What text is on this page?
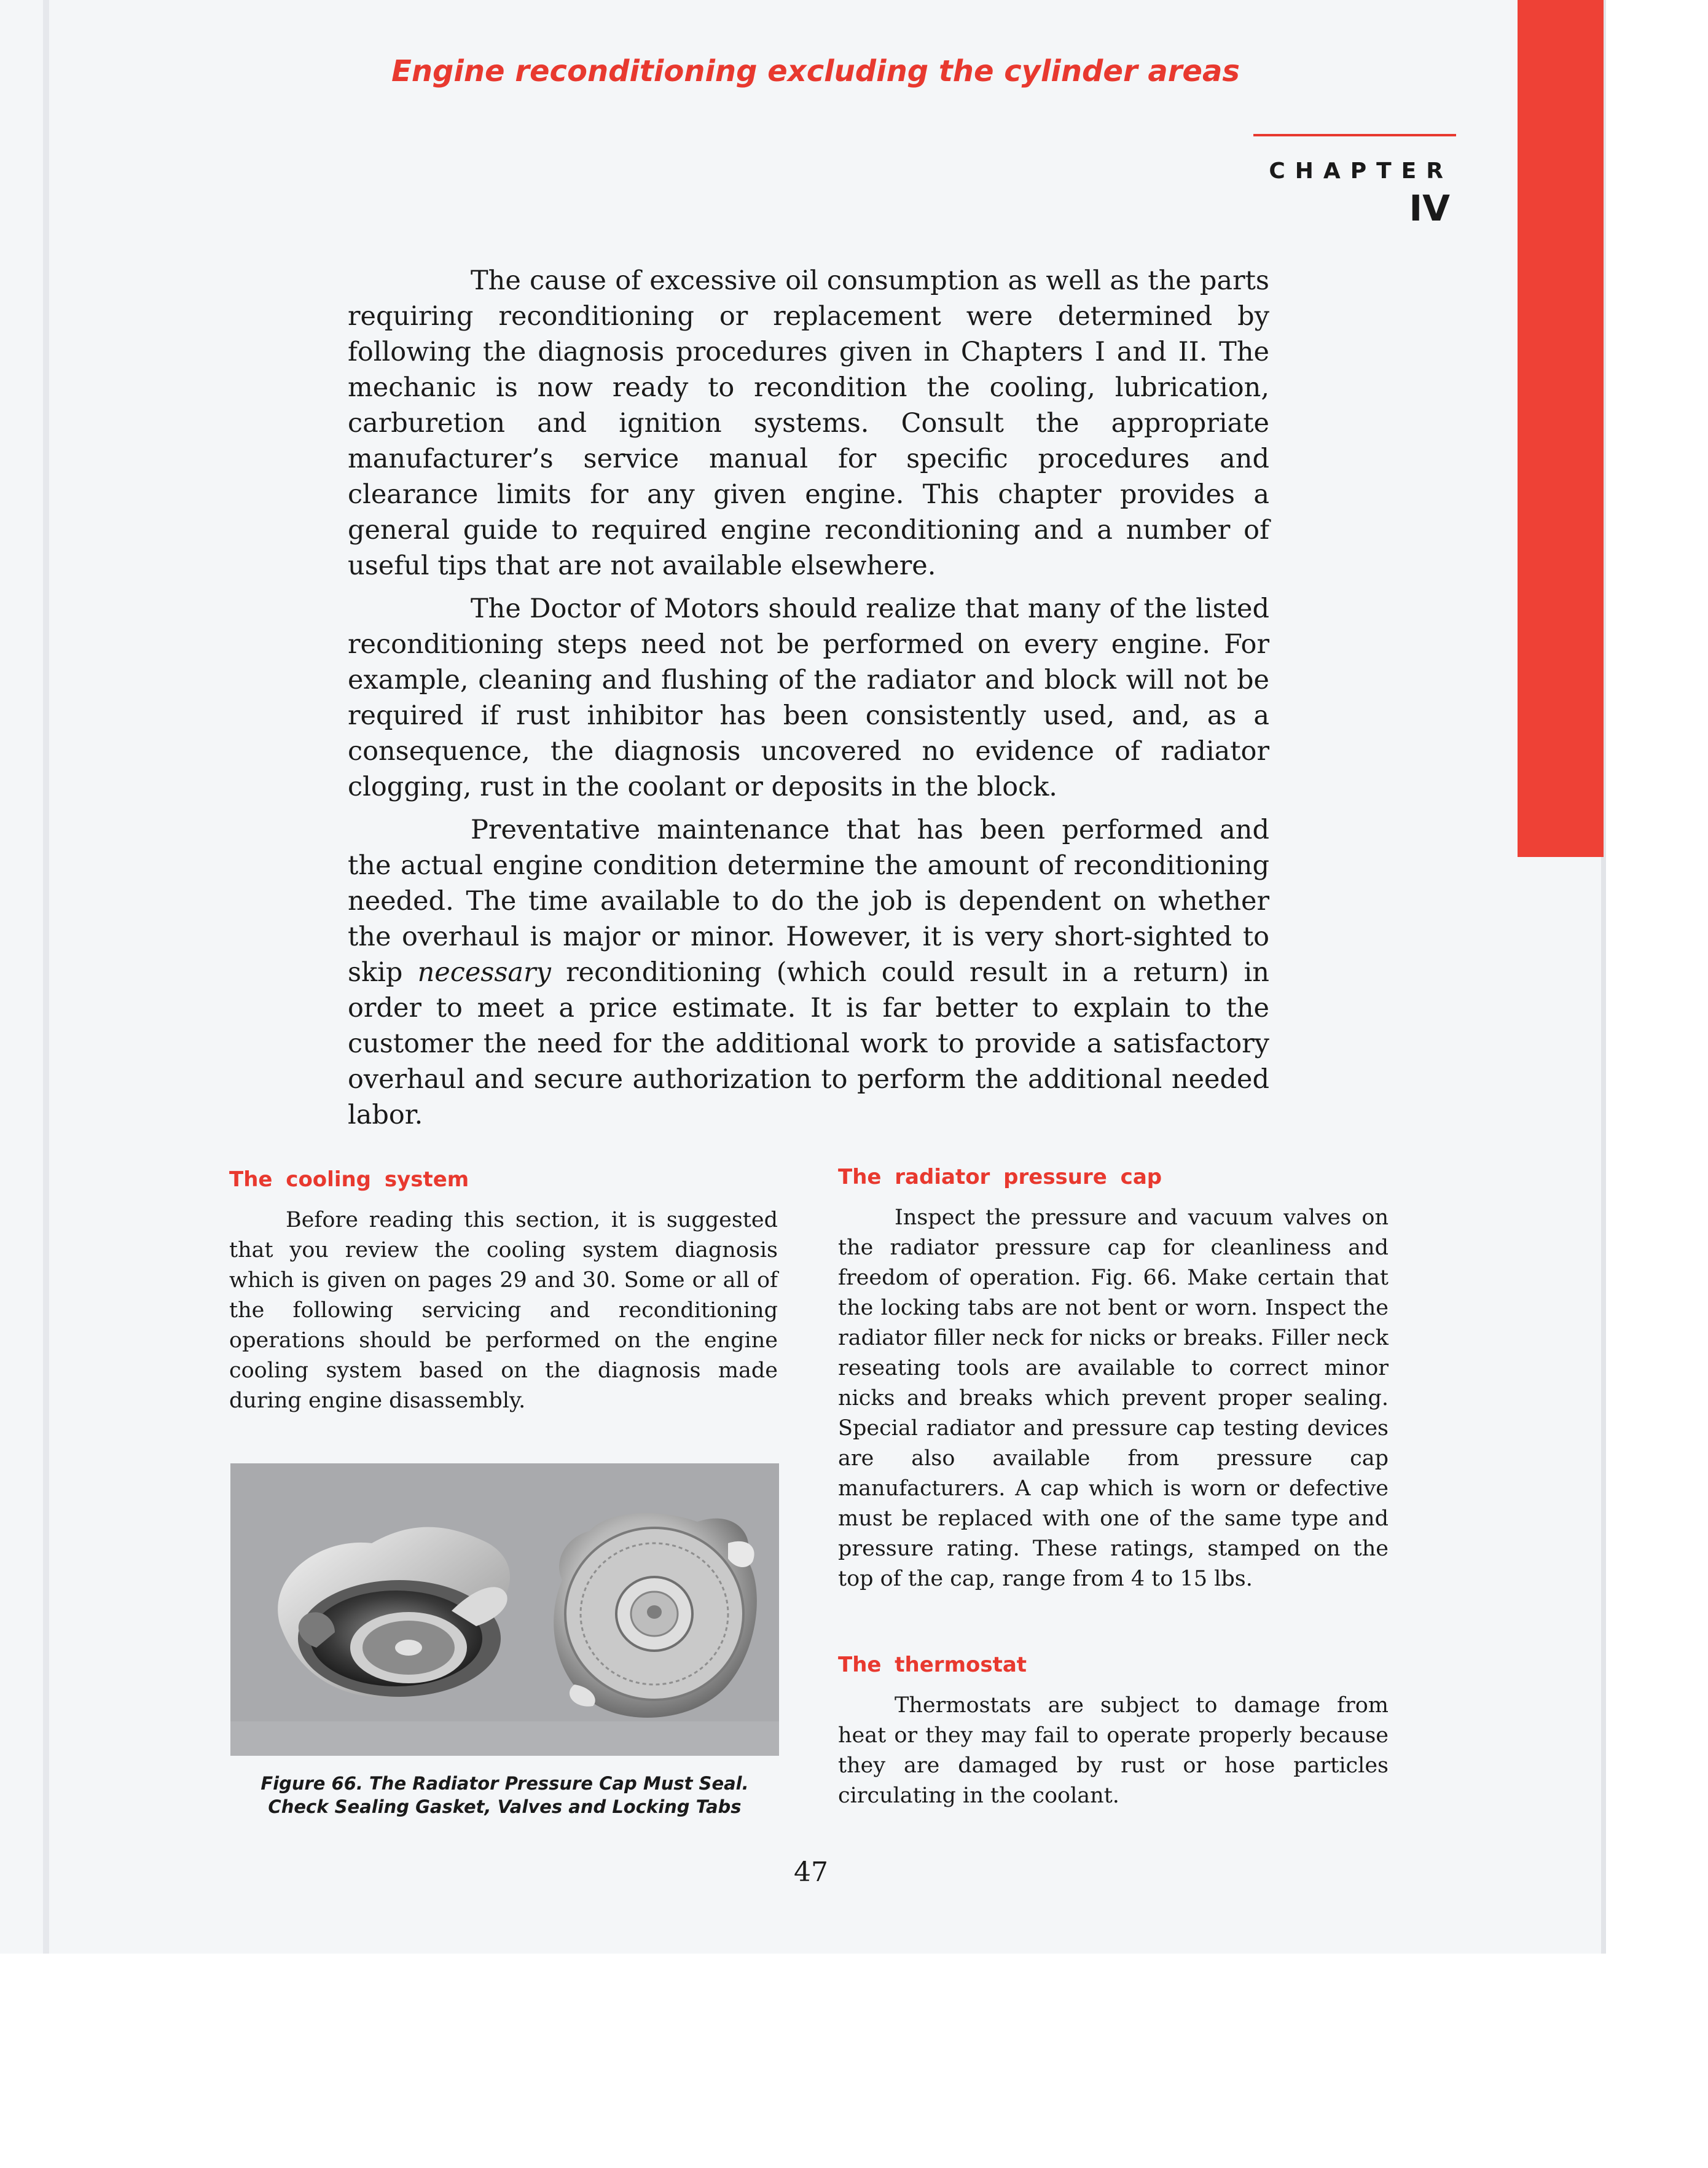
Engine reconditioning excluding the cylinder areas
CHAPTER
IV

The cause of excessive oil consumption as well as the parts requiring reconditioning or replacement were determined by following the diagnosis procedures given in Chapters I and II. The mechanic is now ready to recondition the cooling, lubrication, carburetion and ignition systems. Consult the appropriate manufacturer’s service manual for specific procedures and clearance limits for any given engine. This chapter provides a general guide to required engine reconditioning and a number of useful tips that are not available elsewhere.

The Doctor of Motors should realize that many of the listed reconditioning steps need not be performed on every engine. For example, cleaning and flushing of the radiator and block will not be required if rust inhibitor has been consistently used, and, as a consequence, the diagnosis uncovered no evidence of radiator clogging, rust in the coolant or deposits in the block.

Preventative maintenance that has been performed and the actual engine condition determine the amount of reconditioning needed. The time available to do the job is dependent on whether the overhaul is major or minor. However, it is very short-sighted to skip necessary reconditioning (which could result in a return) in order to meet a price estimate. It is far better to explain to the customer the need for the additional work to provide a satisfactory overhaul and secure authorization to perform the additional needed labor.

The cooling system

Before reading this section, it is suggested that you review the cooling system diagnosis which is given on pages 29 and 30. Some or all of the following servicing and reconditioning operations should be performed on the engine cooling system based on the diagnosis made during engine disassembly.

Figure 66. The Radiator Pressure Cap Must Seal.
Check Sealing Gasket, Valves and Locking Tabs
The radiator pressure cap

Inspect the pressure and vacuum valves on the radiator pressure cap for cleanliness and freedom of operation. Fig. 66. Make certain that the locking tabs are not bent or worn. Inspect the radiator filler neck for nicks or breaks. Filler neck reseating tools are available to correct minor nicks and breaks which prevent proper sealing. Special radiator and pressure cap testing devices are also available from pressure cap manufacturers. A cap which is worn or defective must be replaced with one of the same type and pressure rating. These ratings, stamped on the top of the cap, range from 4 to 15 lbs.

The thermostat

Thermostats are subject to damage from heat or they may fail to operate properly because they are damaged by rust or hose particles circulating in the coolant.

47
